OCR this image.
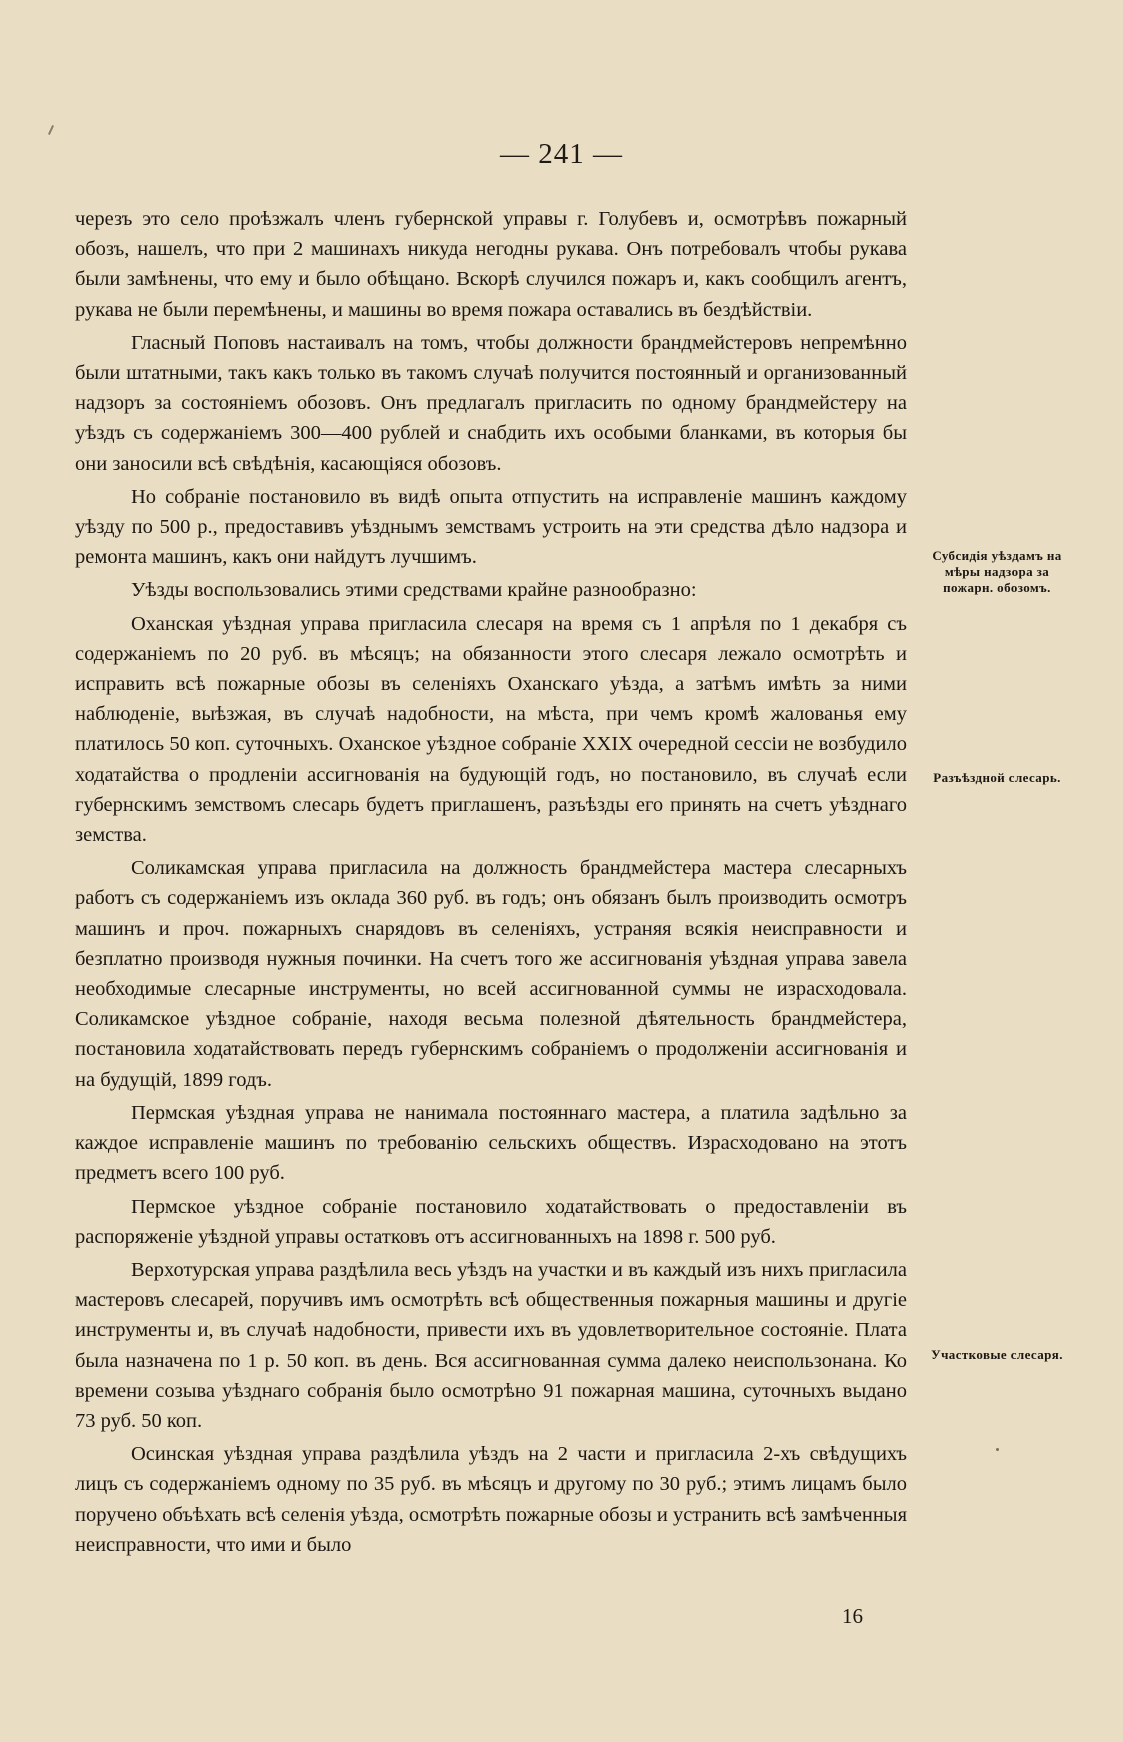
— 241 —

черезъ это село проѣзжалъ членъ губернской управы г. Голубевъ и, осмотрѣвъ пожарный обозъ, нашелъ, что при 2 машинахъ никуда негодны рукава. Онъ потребовалъ чтобы рукава были замѣнены, что ему и было обѣщано. Вскорѣ случился пожаръ и, какъ сообщилъ агентъ, рукава не были перемѣнены, и машины во время пожара оставались въ бездѣйствіи.

Гласный Поповъ настаивалъ на томъ, чтобы должности брандмейстеровъ непремѣнно были штатными, такъ какъ только въ такомъ случаѣ получится постоянный и организованный надзоръ за состояніемъ обозовъ. Онъ предлагалъ пригласить по одному брандмейстеру на уѣздъ съ содержаніемъ 300—400 рублей и снабдить ихъ особыми бланками, въ которыя бы они заносили всѣ свѣдѣнія, касающіяся обозовъ.

Но собраніе постановило въ видѣ опыта отпустить на исправленіе машинъ каждому уѣзду по 500 р., предоставивъ уѣзднымъ земствамъ устроить на эти средства дѣло надзора и ремонта машинъ, какъ они найдутъ лучшимъ.

Уѣзды воспользовались этими средствами крайне разнообразно:

Оханская уѣздная управа пригласила слесаря на время съ 1 апрѣля по 1 декабря съ содержаніемъ по 20 руб. въ мѣсяцъ; на обязанности этого слесаря лежало осмотрѣть и исправить всѣ пожарные обозы въ селеніяхъ Оханскаго уѣзда, а затѣмъ имѣть за ними наблюденіе, выѣзжая, въ случаѣ надобности, на мѣста, при чемъ кромѣ жалованья ему платилось 50 коп. суточныхъ. Оханское уѣздное собраніе XXIX очередной сессіи не возбудило ходатайства о продленіи ассигнованія на будующій годъ, но постановило, въ случаѣ если губернскимъ земствомъ слесарь будетъ приглашенъ, разъѣзды его принять на счетъ уѣзднаго земства.

Соликамская управа пригласила на должность брандмейстера мастера слесарныхъ работъ съ содержаніемъ изъ оклада 360 руб. въ годъ; онъ обязанъ былъ производить осмотръ машинъ и проч. пожарныхъ снарядовъ въ селеніяхъ, устраняя всякія неисправности и безплатно производя нужныя починки. На счетъ того же ассигнованія уѣздная управа завела необходимые слесарные инструменты, но всей ассигнованной суммы не израсходовала. Соликамское уѣздное собраніе, находя весьма полезной дѣятельность брандмейстера, постановила ходатайствовать передъ губернскимъ собраніемъ о продолженіи ассигнованія и на будущій, 1899 годъ.

Пермская уѣздная управа не нанимала постояннаго мастера, а платила задѣльно за каждое исправленіе машинъ по требованію сельскихъ обществъ. Израсходовано на этотъ предметъ всего 100 руб.

Пермское уѣздное собраніе постановило ходатайствовать о предоставленіи въ распоряженіе уѣздной управы остатковъ отъ ассигнованныхъ на 1898 г. 500 руб.

Верхотурская управа раздѣлила весь уѣздъ на участки и въ каждый изъ нихъ пригласила мастеровъ слесарей, поручивъ имъ осмотрѣть всѣ общественныя пожарныя машины и другіе инструменты и, въ случаѣ надобности, привести ихъ въ удовлетворительное состояніе. Плата была назначена по 1 р. 50 коп. въ день. Вся ассигнованная сумма далеко неиспользонана. Ко времени созыва уѣзднаго собранія было осмотрѣно 91 пожарная машина, суточныхъ выдано 73 руб. 50 коп.

Осинская уѣздная управа раздѣлила уѣздъ на 2 части и пригласила 2-хъ свѣдущихъ лицъ съ содержаніемъ одному по 35 руб. въ мѣсяцъ и другому по 30 руб.; этимъ лицамъ было поручено объѣхать всѣ селенія уѣзда, осмотрѣть пожарные обозы и устранить всѣ замѣченныя неисправности, что ими и было

Субсидія уѣздамъ на мѣры надзора за пожарн. обозомъ.
Разъѣздной слесарь.
Участковые слесаря.
16
